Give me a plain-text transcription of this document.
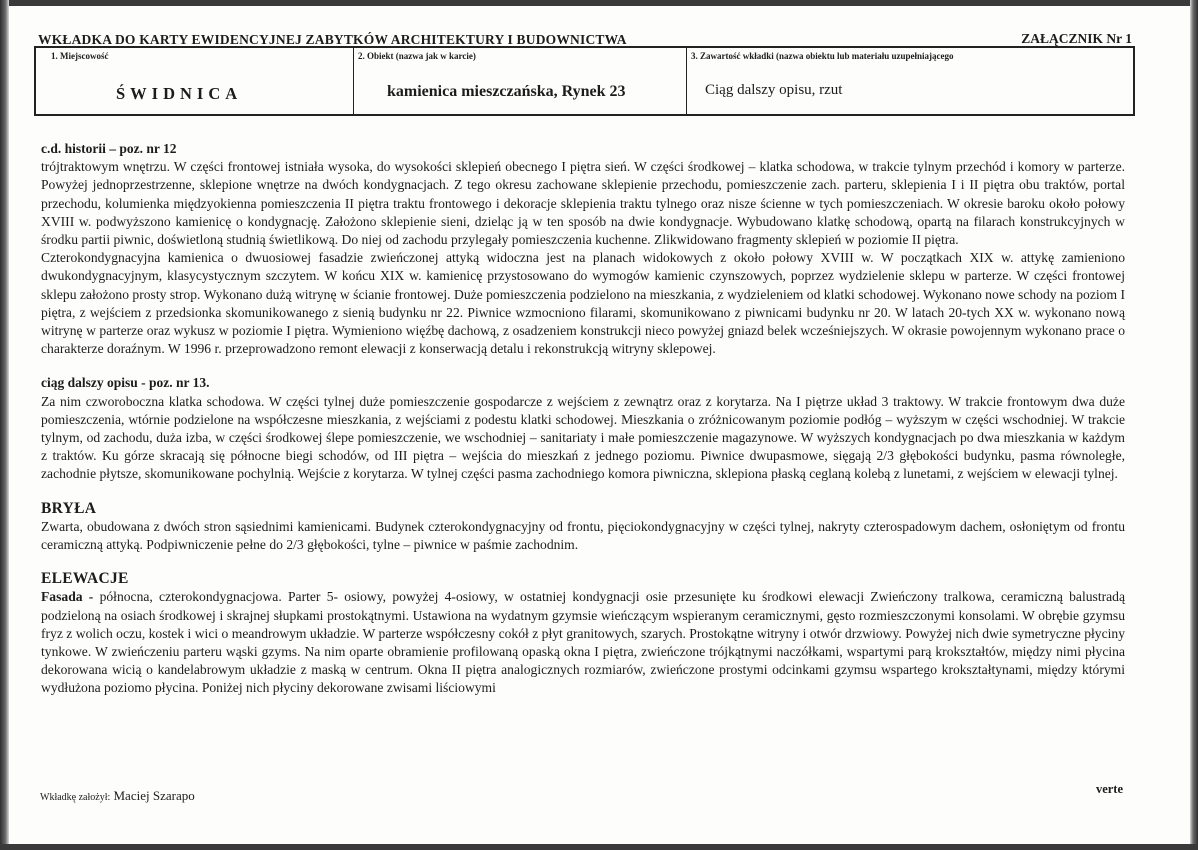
WKŁADKA DO KARTY EWIDENCYJNEJ ZABYTKÓW ARCHITEKTURY I BUDOWNICTWA	ZAŁĄCZNIK Nr 1
1. Miejscowość
ŚWIDNICA
2. Obiekt (nazwa jak w karcie)
kamienica mieszczańska, Rynek 23
3. Zawartość wkładki (nazwa obiektu lub materiału uzupełniającego
Ciąg dalszy opisu, rzut

c.d. historii – poz. nr 12

trójtraktowym wnętrzu. W części frontowej istniała wysoka, do wysokości sklepień obecnego I piętra sień. W części środkowej – klatka schodowa, w trakcie tylnym przechód i komory w parterze. Powyżej jednoprzestrzenne, sklepione wnętrze na dwóch kondygnacjach. Z tego okresu zachowane sklepienie przechodu, pomieszczenie zach. parteru, sklepienia I i II piętra obu traktów, portal przechodu, kolumienka międzyokienna pomieszczenia II piętra traktu frontowego i dekoracje sklepienia traktu tylnego oraz nisze ścienne w tych pomieszczeniach. W okresie baroku około połowy XVIII w. podwyższono kamienicę o kondygnację. Założono sklepienie sieni, dzieląc ją w ten sposób na dwie kondygnacje. Wybudowano klatkę schodową, opartą na filarach konstrukcyjnych w środku partii piwnic, doświetloną studnią świetlikową. Do niej od zachodu przylegały pomieszczenia kuchenne. Zlikwidowano fragmenty sklepień w poziomie II piętra.

Czterokondygnacyjna kamienica o dwuosiowej fasadzie zwieńczonej attyką widoczna jest na planach widokowych z około połowy XVIII w. W początkach XIX w. attykę zamieniono dwukondygnacyjnym, klasycystycznym szczytem. W końcu XIX w. kamienicę przystosowano do wymogów kamienic czynszowych, poprzez wydzielenie sklepu w parterze. W części frontowej sklepu założono prosty strop. Wykonano dużą witrynę w ścianie frontowej. Duże pomieszczenia podzielono na mieszkania, z wydzieleniem od klatki schodowej. Wykonano nowe schody na poziom I piętra, z wejściem z przedsionka skomunikowanego z sienią budynku nr 22. Piwnice wzmocniono filarami, skomunikowano z piwnicami budynku nr 20. W latach 20-tych XX w. wykonano nową witrynę w parterze oraz wykusz w poziomie I piętra. Wymieniono więźbę dachową, z osadzeniem konstrukcji nieco powyżej gniazd belek wcześniejszych. W okrasie powojennym wykonano prace o charakterze doraźnym. W 1996 r. przeprowadzono remont elewacji z konserwacją detalu i rekonstrukcją witryny sklepowej.

ciąg dalszy opisu - poz. nr 13.

Za nim czworoboczna klatka schodowa. W części tylnej duże pomieszczenie gospodarcze z wejściem z zewnątrz oraz z korytarza. Na I piętrze układ 3 traktowy. W trakcie frontowym dwa duże pomieszczenia, wtórnie podzielone na współczesne mieszkania, z wejściami z podestu klatki schodowej. Mieszkania o zróżnicowanym poziomie podłóg – wyższym w części wschodniej. W trakcie tylnym, od zachodu, duża izba, w części środkowej ślepe pomieszczenie, we wschodniej – sanitariaty i małe pomieszczenie magazynowe. W wyższych kondygnacjach po dwa mieszkania w każdym z traktów. Ku górze skracają się północne biegi schodów, od III piętra – wejścia do mieszkań z jednego poziomu. Piwnice dwupasmowe, sięgają 2/3 głębokości budynku, pasma równoległe, zachodnie płytsze, skomunikowane pochylnią. Wejście z korytarza. W tylnej części pasma zachodniego komora piwniczna, sklepiona płaską ceglaną kolebą z lunetami, z wejściem w elewacji tylnej.

BRYŁA

Zwarta, obudowana z dwóch stron sąsiednimi kamienicami. Budynek czterokondygnacyjny od frontu, pięciokondygnacyjny w części tylnej, nakryty czterospadowym dachem, osłoniętym od frontu ceramiczną attyką. Podpiwniczenie pełne do 2/3 głębokości, tylne – piwnice w paśmie zachodnim.

ELEWACJE

Fasada - północna, czterokondygnacjowa. Parter 5- osiowy, powyżej 4-osiowy, w ostatniej kondygnacji osie przesunięte ku środkowi elewacji Zwieńczony tralkowa, ceramiczną balustradą podzieloną na osiach środkowej i skrajnej słupkami prostokątnymi. Ustawiona na wydatnym gzymsie wieńczącym wspieranym ceramicznymi, gęsto rozmieszczonymi konsolami. W obrębie gzymsu fryz z wolich oczu, kostek i wici o meandrowym układzie. W parterze współczesny cokół z płyt granitowych, szarych. Prostokątne witryny i otwór drzwiowy. Powyżej nich dwie symetryczne płyciny tynkowe. W zwieńczeniu parteru wąski gzyms. Na nim oparte obramienie profilowaną opaską okna I piętra, zwieńczone trójkątnymi naczółkami, wspartymi parą krokształtów, między nimi płycina dekorowana wicią o kandelabrowym układzie z maską w centrum. Okna II piętra analogicznych rozmiarów, zwieńczone prostymi odcinkami gzymsu wspartego krokształtynami, między którymi wydłużona poziomo płycina. Poniżej nich płyciny dekorowane zwisami liściowymi

Wkładkę założył: Maciej Szarapo	verte
